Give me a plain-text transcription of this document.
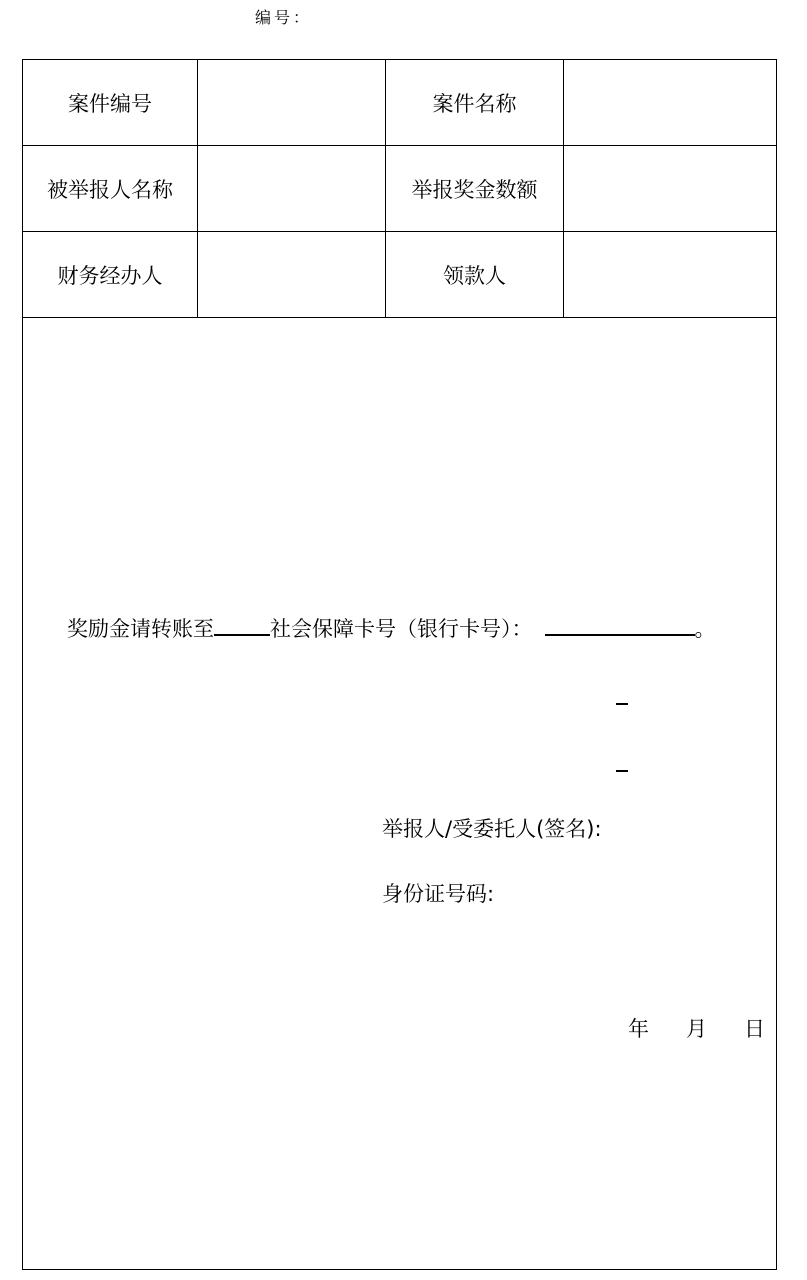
编号：
案件编号	案件名称
被举报人名称	举报奖金数额
财务经办人	领款人
奖励金请转账至	社会保障卡号（银行卡号）：	。
举报人/受委托人(签名):
身份证号码:
年 月 日
